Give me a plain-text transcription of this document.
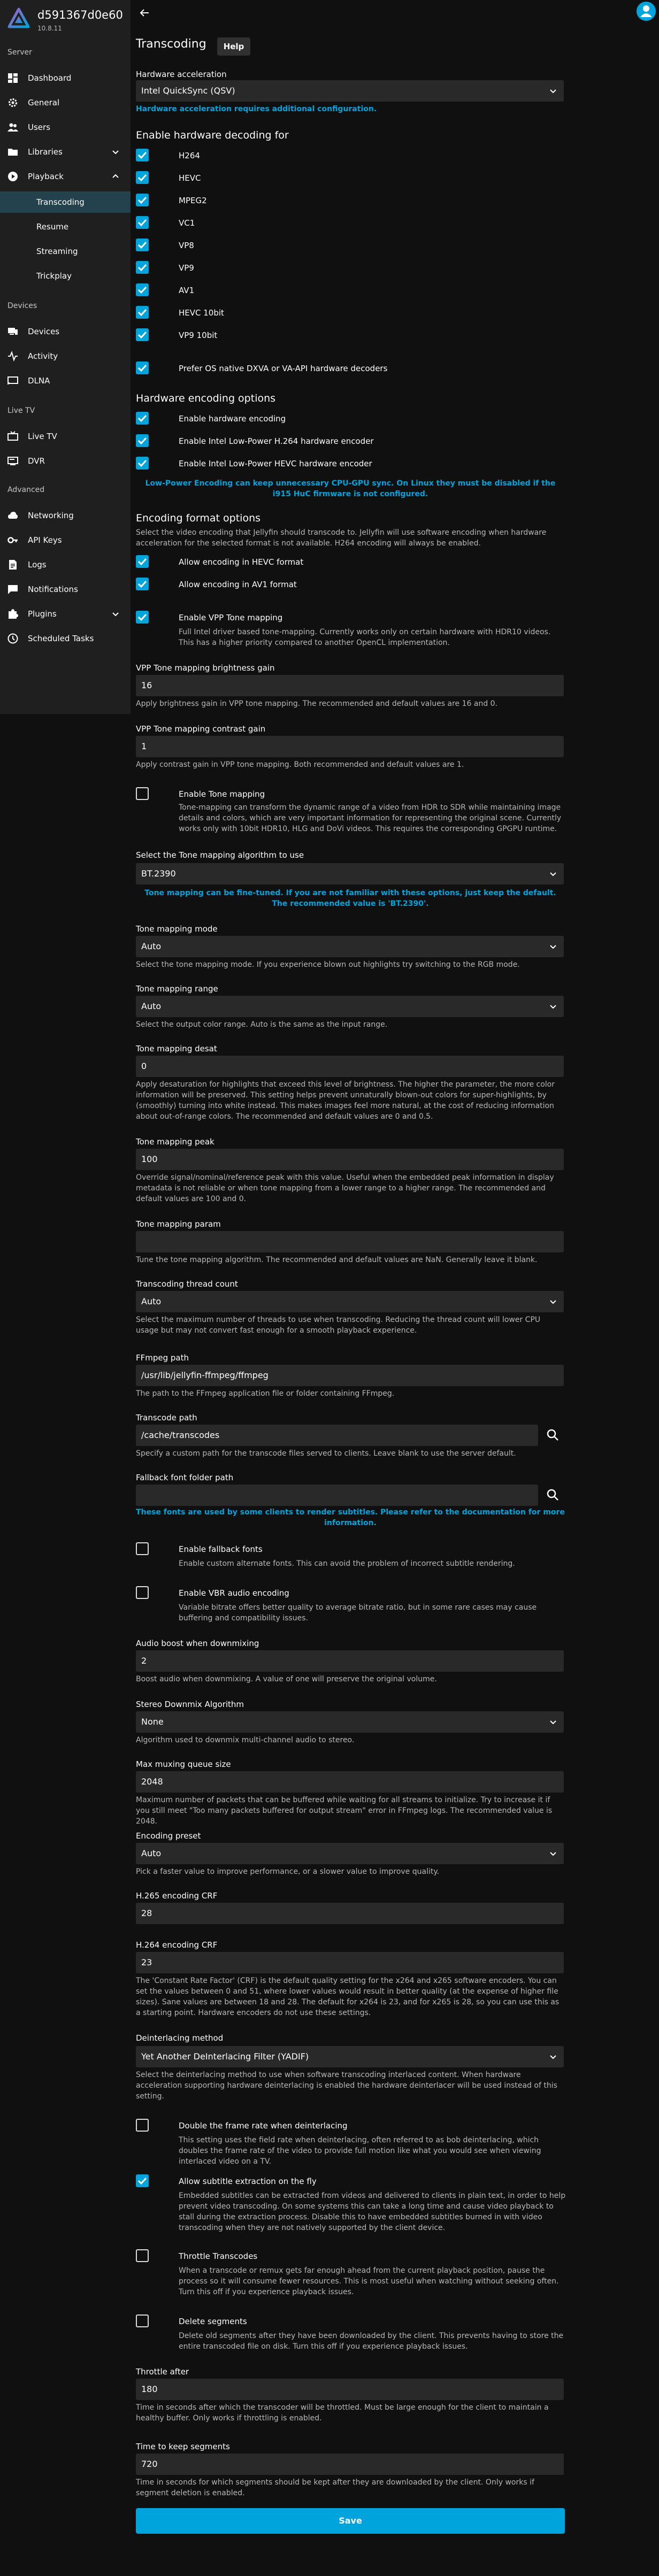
d591367d0e60
10.8.11
Server
Dashboard
General
Users
Libraries
Playback
Transcoding
Resume
Streaming
Trickplay
Devices
Devices
Activity
DLNA
Live TV
Live TV
DVR
Advanced
Networking
API Keys
Logs
Notifications
Plugins
Scheduled Tasks
Transcoding	Help
Hardware acceleration
Intel QuickSync (QSV)
Hardware acceleration requires additional configuration.
Enable hardware decoding for
H264
HEVC
MPEG2
VC1
VP8
VP9
AV1
HEVC 10bit
VP9 10bit
Prefer OS native DXVA or VA-API hardware decoders
Hardware encoding options
Enable hardware encoding
Enable Intel Low-Power H.264 hardware encoder
Enable Intel Low-Power HEVC hardware encoder
Low-Power Encoding can keep unnecessary CPU-GPU sync. On Linux they must be disabled if the i915 HuC firmware is not configured.
Encoding format options
Select the video encoding that Jellyfin should transcode to. Jellyfin will use software encoding when hardware acceleration for the selected format is not available. H264 encoding will always be enabled.
Allow encoding in HEVC format
Allow encoding in AV1 format
Enable VPP Tone mapping
Full Intel driver based tone-mapping. Currently works only on certain hardware with HDR10 videos. This has a higher priority compared to another OpenCL implementation.
VPP Tone mapping brightness gain
16
Apply brightness gain in VPP tone mapping. The recommended and default values are 16 and 0.
VPP Tone mapping contrast gain
1
Apply contrast gain in VPP tone mapping. Both recommended and default values are 1.
Enable Tone mapping
Tone-mapping can transform the dynamic range of a video from HDR to SDR while maintaining image details and colors, which are very important information for representing the original scene. Currently works only with 10bit HDR10, HLG and DoVi videos. This requires the corresponding GPGPU runtime.
Select the Tone mapping algorithm to use
BT.2390
Tone mapping can be fine-tuned. If you are not familiar with these options, just keep the default. The recommended value is 'BT.2390'.
Tone mapping mode
Auto
Select the tone mapping mode. If you experience blown out highlights try switching to the RGB mode.
Tone mapping range
Auto
Select the output color range. Auto is the same as the input range.
Tone mapping desat
0
Apply desaturation for highlights that exceed this level of brightness. The higher the parameter, the more color information will be preserved. This setting helps prevent unnaturally blown-out colors for super-highlights, by (smoothly) turning into white instead. This makes images feel more natural, at the cost of reducing information about out-of-range colors. The recommended and default values are 0 and 0.5.
Tone mapping peak
100
Override signal/nominal/reference peak with this value. Useful when the embedded peak information in display metadata is not reliable or when tone mapping from a lower range to a higher range. The recommended and default values are 100 and 0.
Tone mapping param
Tune the tone mapping algorithm. The recommended and default values are NaN. Generally leave it blank.
Transcoding thread count
Auto
Select the maximum number of threads to use when transcoding. Reducing the thread count will lower CPU usage but may not convert fast enough for a smooth playback experience.
FFmpeg path
/usr/lib/jellyfin-ffmpeg/ffmpeg
The path to the FFmpeg application file or folder containing FFmpeg.
Transcode path
/cache/transcodes
Specify a custom path for the transcode files served to clients. Leave blank to use the server default.
Fallback font folder path
These fonts are used by some clients to render subtitles. Please refer to the documentation for more information.
Enable fallback fonts
Enable custom alternate fonts. This can avoid the problem of incorrect subtitle rendering.
Enable VBR audio encoding
Variable bitrate offers better quality to average bitrate ratio, but in some rare cases may cause buffering and compatibility issues.
Audio boost when downmixing
2
Boost audio when downmixing. A value of one will preserve the original volume.
Stereo Downmix Algorithm
None
Algorithm used to downmix multi-channel audio to stereo.
Max muxing queue size
2048
Maximum number of packets that can be buffered while waiting for all streams to initialize. Try to increase it if you still meet "Too many packets buffered for output stream" error in FFmpeg logs. The recommended value is 2048.
Encoding preset
Auto
Pick a faster value to improve performance, or a slower value to improve quality.
H.265 encoding CRF
28
H.264 encoding CRF
23
The 'Constant Rate Factor' (CRF) is the default quality setting for the x264 and x265 software encoders. You can set the values between 0 and 51, where lower values would result in better quality (at the expense of higher file sizes). Sane values are between 18 and 28. The default for x264 is 23, and for x265 is 28, so you can use this as a starting point. Hardware encoders do not use these settings.
Deinterlacing method
Yet Another DeInterlacing Filter (YADIF)
Select the deinterlacing method to use when software transcoding interlaced content. When hardware acceleration supporting hardware deinterlacing is enabled the hardware deinterlacer will be used instead of this setting.
Double the frame rate when deinterlacing
This setting uses the field rate when deinterlacing, often referred to as bob deinterlacing, which doubles the frame rate of the video to provide full motion like what you would see when viewing interlaced video on a TV.
Allow subtitle extraction on the fly
Embedded subtitles can be extracted from videos and delivered to clients in plain text, in order to help prevent video transcoding. On some systems this can take a long time and cause video playback to stall during the extraction process. Disable this to have embedded subtitles burned in with video transcoding when they are not natively supported by the client device.
Throttle Transcodes
When a transcode or remux gets far enough ahead from the current playback position, pause the process so it will consume fewer resources. This is most useful when watching without seeking often. Turn this off if you experience playback issues.
Delete segments
Delete old segments after they have been downloaded by the client. This prevents having to store the entire transcoded file on disk. Turn this off if you experience playback issues.
Throttle after
180
Time in seconds after which the transcoder will be throttled. Must be large enough for the client to maintain a healthy buffer. Only works if throttling is enabled.
Time to keep segments
720
Time in seconds for which segments should be kept after they are downloaded by the client. Only works if segment deletion is enabled.
Save
